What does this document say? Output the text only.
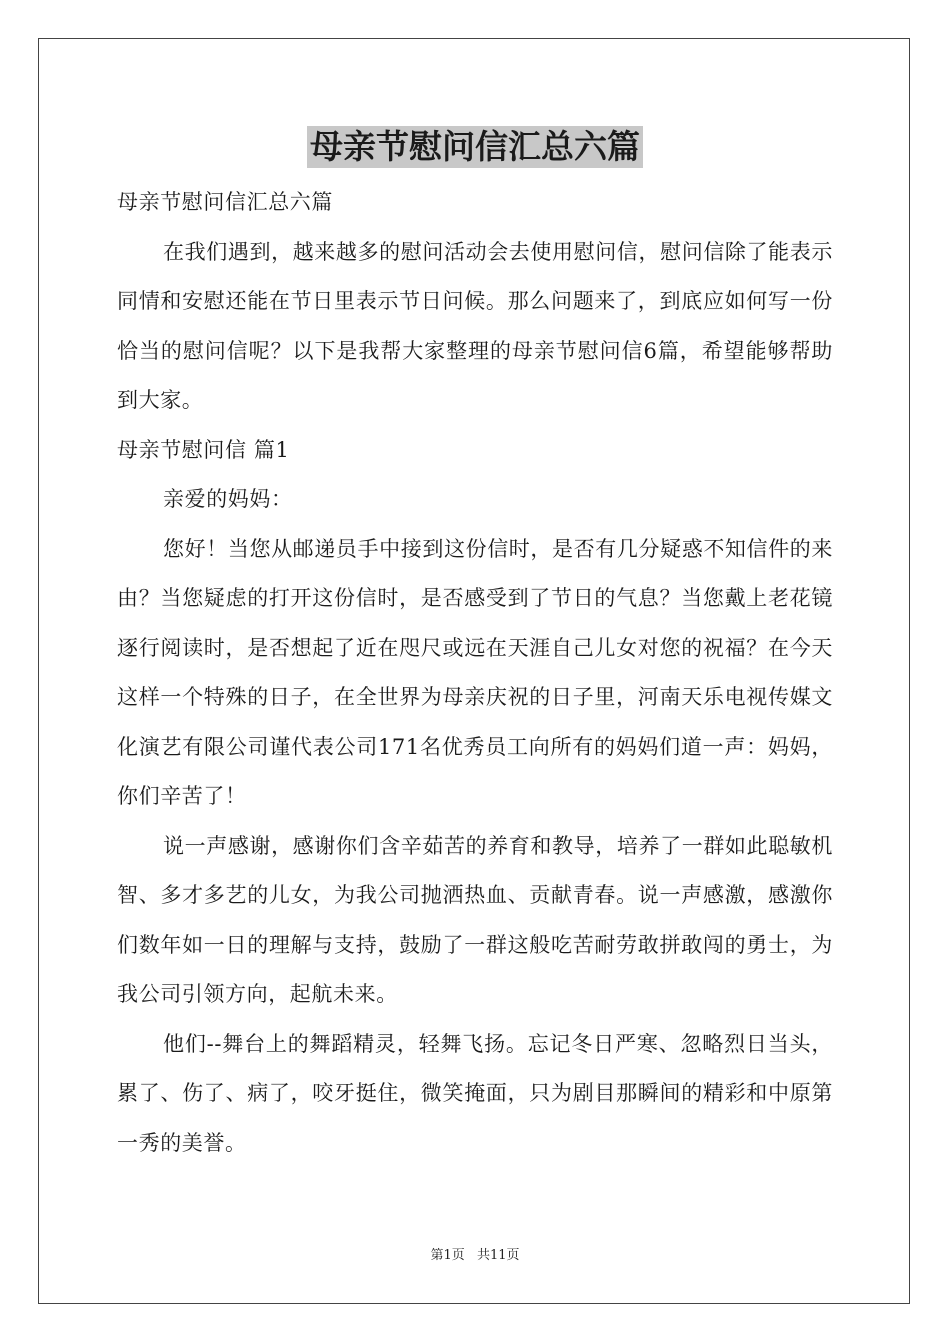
母亲节慰问信汇总六篇

母亲节慰问信汇总六篇

在我们遇到，越来越多的慰问活动会去使用慰问信，慰问信除了能表示同情和安慰还能在节日里表示节日问候。那么问题来了，到底应如何写一份恰当的慰问信呢？以下是我帮大家整理的母亲节慰问信6篇，希望能够帮助到大家。

母亲节慰问信 篇1

亲爱的妈妈：

您好！当您从邮递员手中接到这份信时，是否有几分疑惑不知信件的来由？当您疑虑的打开这份信时，是否感受到了节日的气息？当您戴上老花镜逐行阅读时，是否想起了近在咫尺或远在天涯自己儿女对您的祝福？在今天这样一个特殊的日子，在全世界为母亲庆祝的日子里，河南天乐电视传媒文化演艺有限公司谨代表公司171名优秀员工向所有的妈妈们道一声：妈妈，你们辛苦了！

说一声感谢，感谢你们含辛茹苦的养育和教导，培养了一群如此聪敏机智、多才多艺的儿女，为我公司抛洒热血、贡献青春。说一声感激，感激你们数年如一日的理解与支持，鼓励了一群这般吃苦耐劳敢拼敢闯的勇士，为我公司引领方向，起航未来。

他们--舞台上的舞蹈精灵，轻舞飞扬。忘记冬日严寒、忽略烈日当头，累了、伤了、病了，咬牙挺住，微笑掩面，只为剧目那瞬间的精彩和中原第一秀的美誉。

第1页 共11页
